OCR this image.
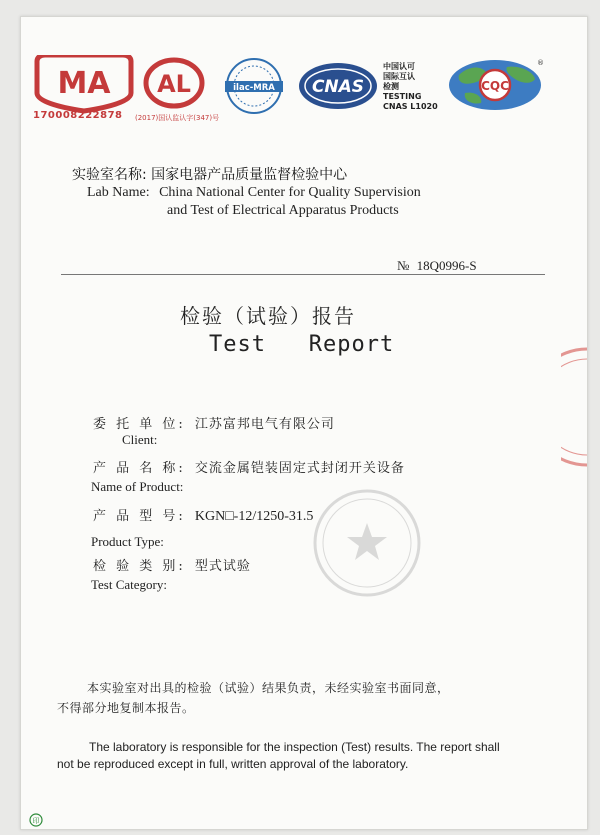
MA
170008222878
AL
(2017)国认监认字(347)号
ilac-MRA CNAS
中国认可
国际互认
检测
TESTING
CNAS L1020
CQC
®
实验室名称: 国家电器产品质量监督检验中心
Lab Name: China National Center for Quality Supervision
and Test of Electrical Apparatus Products
№ 18Q0996-S
检验（试验）报告
Test   Report
委 托 单 位: 江苏富邦电气有限公司
Client:
产 品 名 称: 交流金属铠装固定式封闭开关设备
Name of Product:
产 品 型 号: KGN□-12/1250-31.5
Product Type:
检 验 类 别: 型式试验
Test Category:
本实验室对出具的检验（试验）结果负责，未经实验室书面同意，
不得部分地复制本报告。
The laboratory is responsible for the inspection (Test) results. The report shall
not be reproduced except in full, written approval of the laboratory.
印
